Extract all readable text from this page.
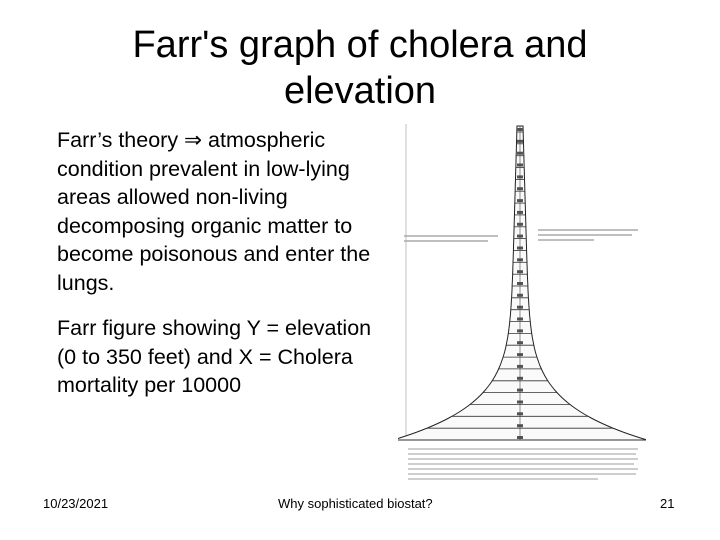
Farr's graph of cholera and
elevation
Farr’s theory ⇒ atmospheric condition prevalent in low-lying areas allowed non-living decomposing organic matter to become poisonous and enter the lungs.
Farr figure showing Y = elevation (0 to 350 feet) and X = Cholera mortality per 10000
10/23/2021	Why sophisticated biostat?	21
